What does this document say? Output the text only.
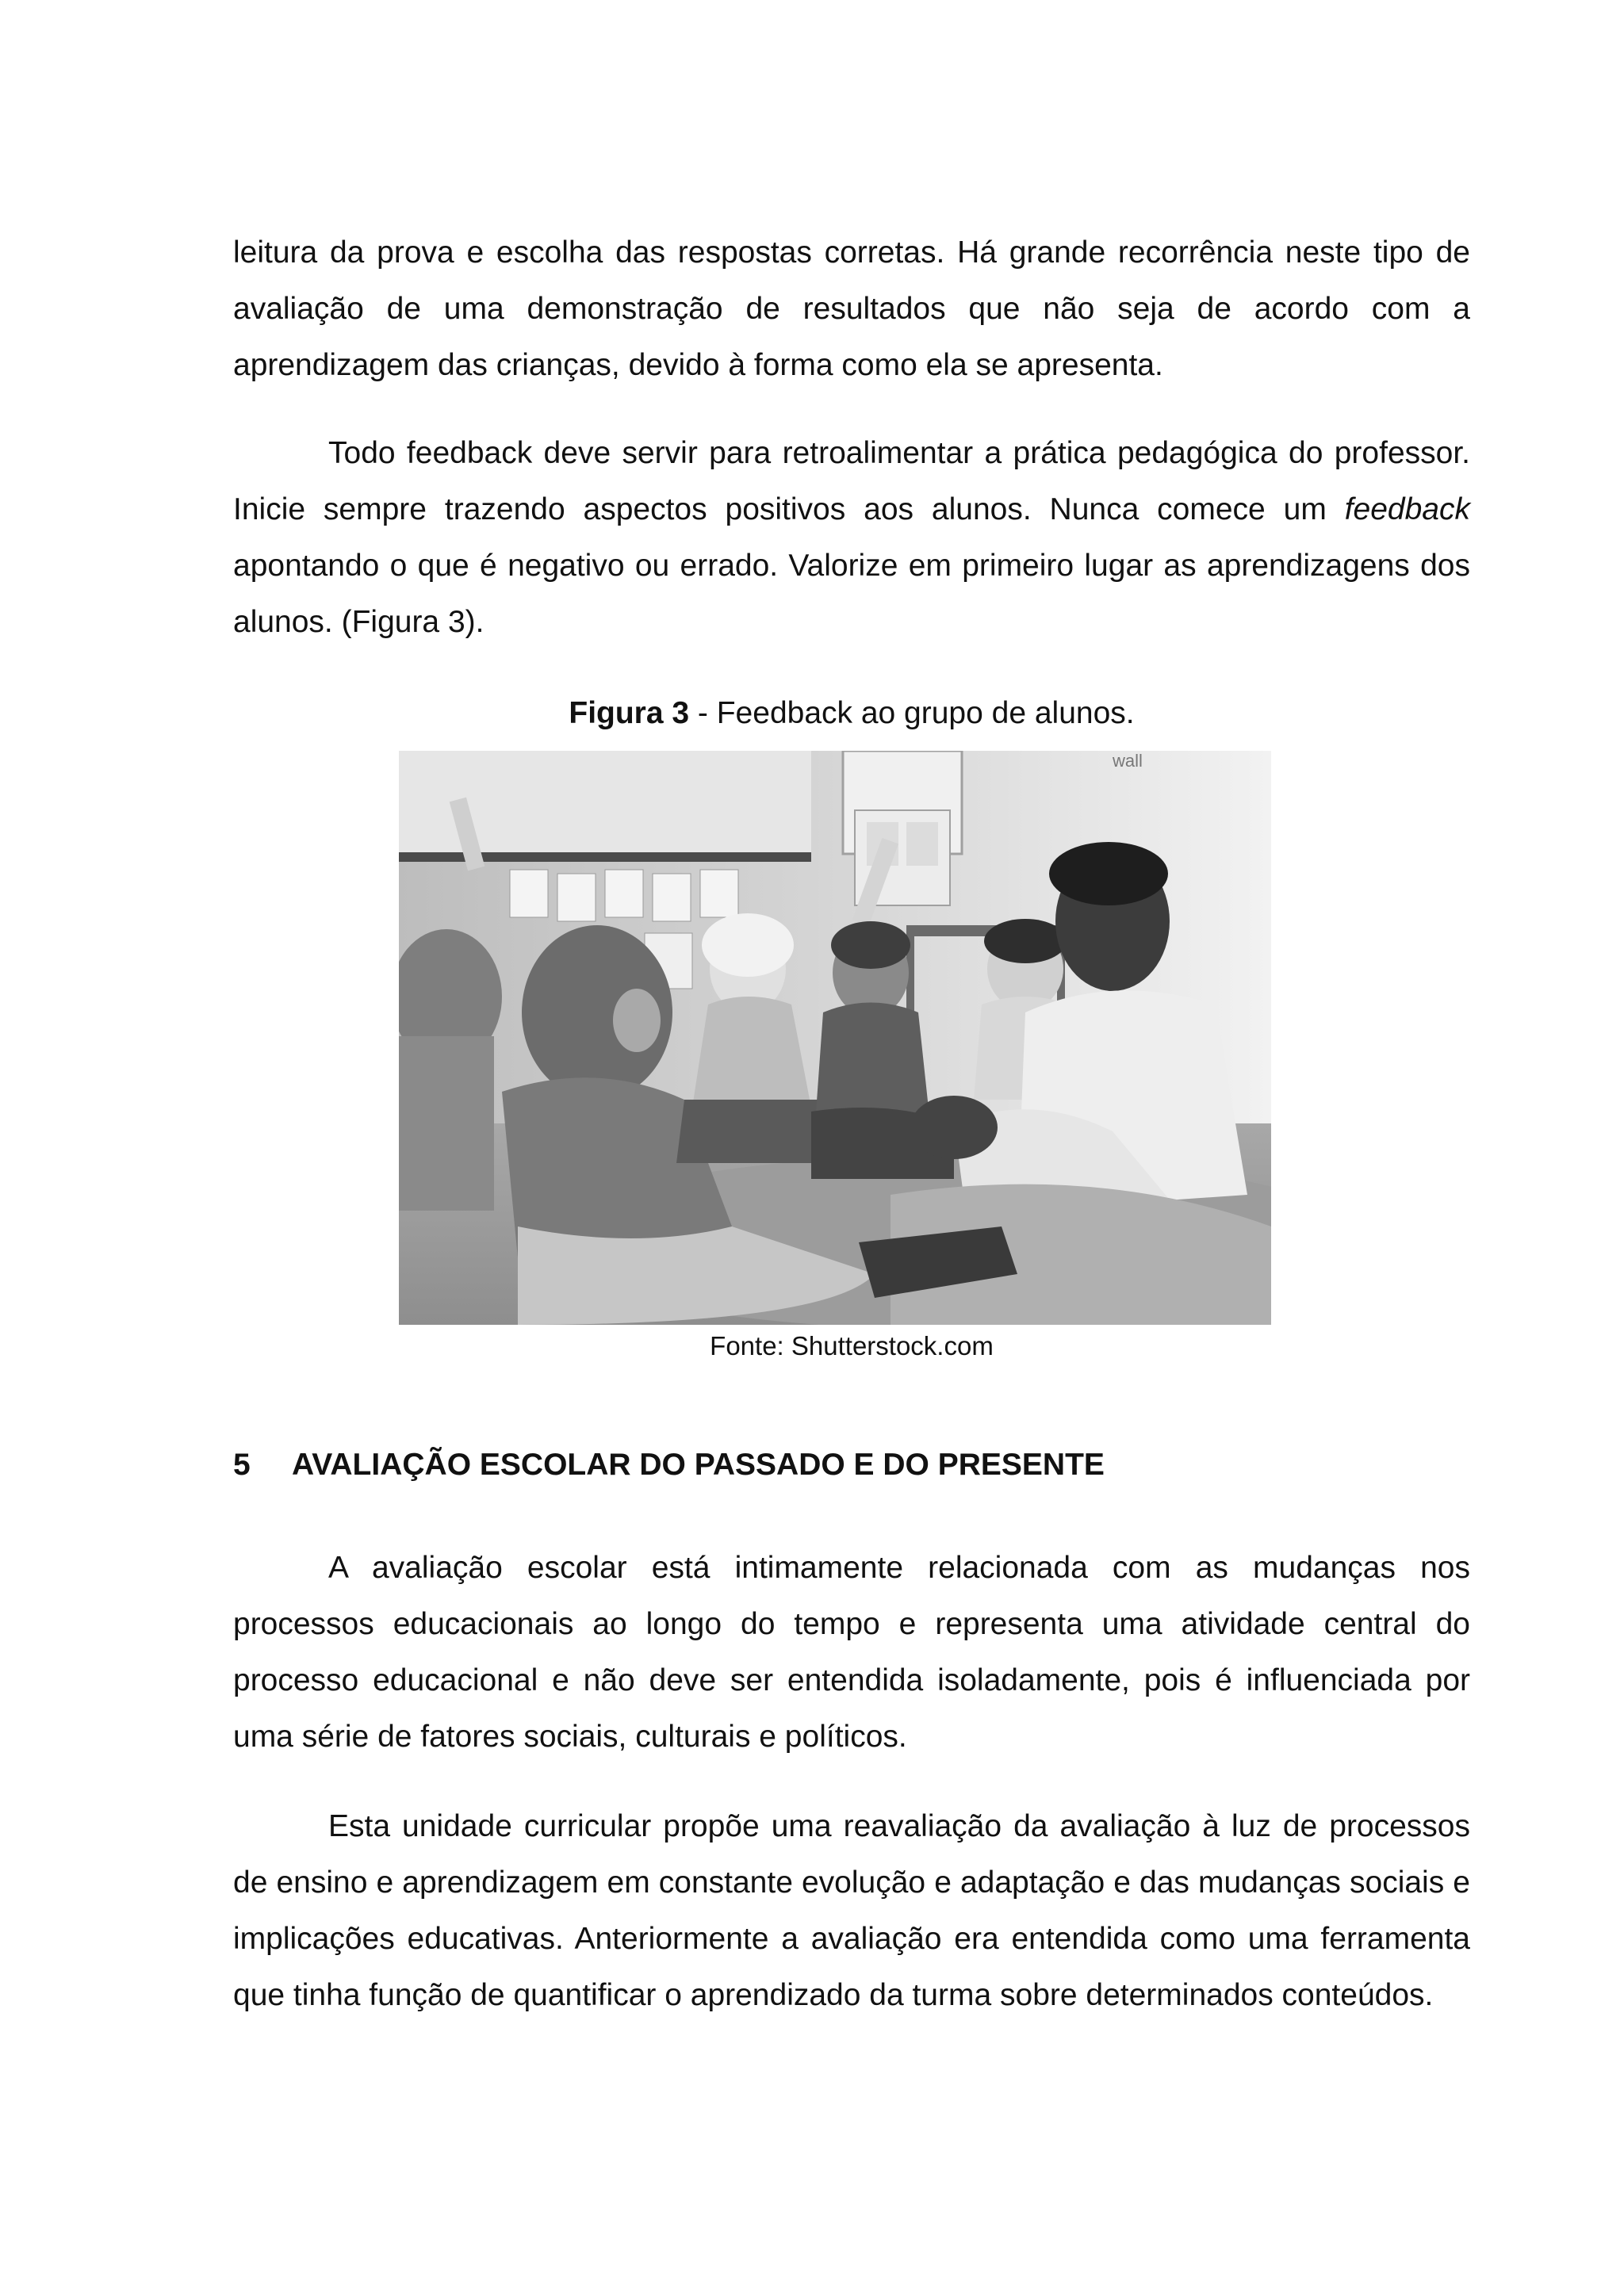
leitura da prova e escolha das respostas corretas. Há grande recorrência neste tipo de avaliação de uma demonstração de resultados que não seja de acordo com a aprendizagem das crianças, devido à forma como ela se apresenta.

Todo feedback deve servir para retroalimentar a prática pedagógica do professor. Inicie sempre trazendo aspectos positivos aos alunos. Nunca comece um feedback apontando o que é negativo ou errado. Valorize em primeiro lugar as aprendizagens dos alunos. (Figura 3).

Figura 3 - Feedback ao grupo de alunos.

wall

Fonte: Shutterstock.com

5 AVALIAÇÃO ESCOLAR DO PASSADO E DO PRESENTE

A avaliação escolar está intimamente relacionada com as mudanças nos processos educacionais ao longo do tempo e representa uma atividade central do processo educacional e não deve ser entendida isoladamente, pois é influenciada por uma série de fatores sociais, culturais e políticos.

Esta unidade curricular propõe uma reavaliação da avaliação à luz de processos de ensino e aprendizagem em constante evolução e adaptação e das mudanças sociais e implicações educativas. Anteriormente a avaliação era entendida como uma ferramenta que tinha função de quantificar o aprendizado da turma sobre determinados conteúdos.
